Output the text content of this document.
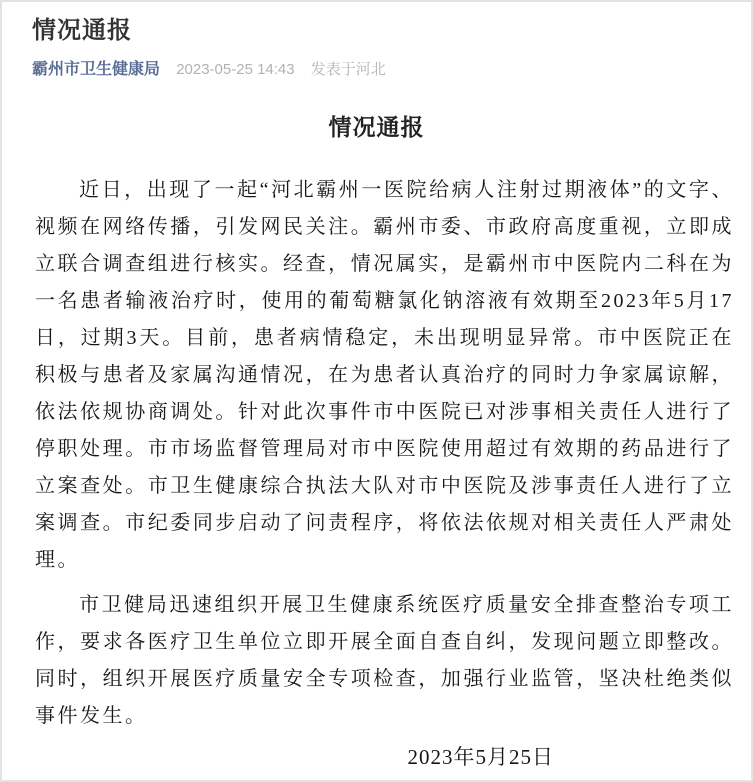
情况通报
霸州市卫生健康局 2023-05-25 14:43 发表于河北
情况通报

近日，出现了一起“河北霸州一医院给病人注射过期液体”的文字、视频在网络传播，引发网民关注。霸州市委、市政府高度重视，立即成立联合调查组进行核实。经查，情况属实，是霸州市中医院内二科在为一名患者输液治疗时，使用的葡萄糖氯化钠溶液有效期至2023年5月17日，过期3天。目前，患者病情稳定，未出现明显异常。市中医院正在积极与患者及家属沟通情况，在为患者认真治疗的同时力争家属谅解，依法依规协商调处。针对此次事件市中医院已对涉事相关责任人进行了停职处理。市市场监督管理局对市中医院使用超过有效期的药品进行了立案查处。市卫生健康综合执法大队对市中医院及涉事责任人进行了立案调查。市纪委同步启动了问责程序，将依法依规对相关责任人严肃处理。

市卫健局迅速组织开展卫生健康系统医疗质量安全排查整治专项工作，要求各医疗卫生单位立即开展全面自查自纠，发现问题立即整改。同时，组织开展医疗质量安全专项检查，加强行业监管，坚决杜绝类似事件发生。

2023年5月25日
